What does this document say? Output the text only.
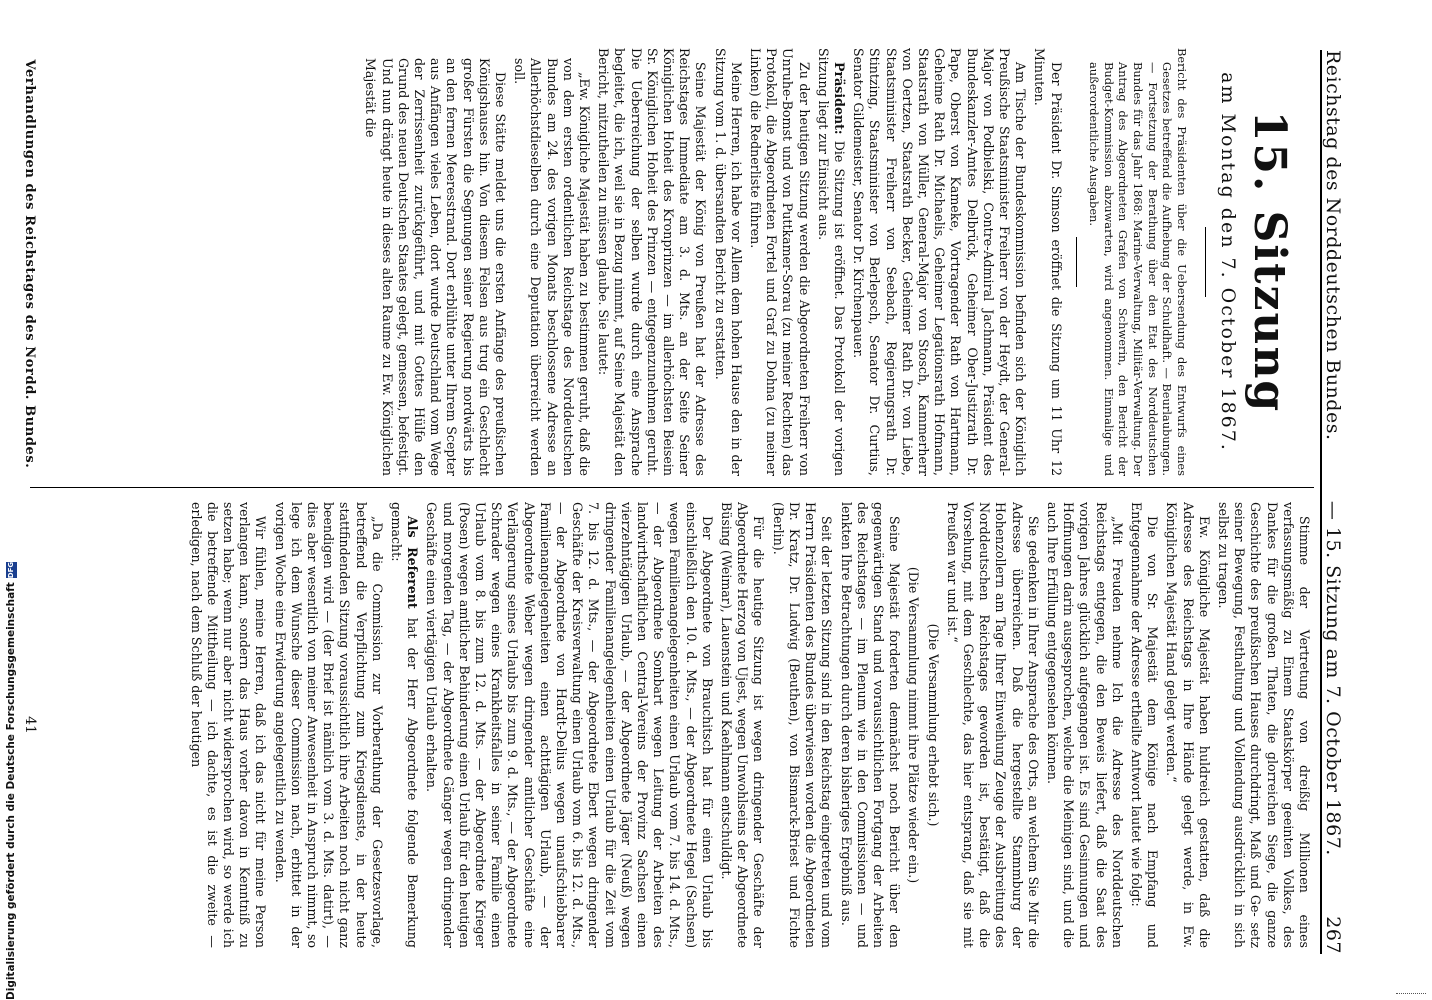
Reichstag des Norddeutschen Bundes.
— 15. Sitzung am 7. October 1867.
267
15. Sitzung
am Montag den 7. October 1867.

Bericht des Präsidenten über die Uebersendung des Entwurfs eines Gesetzes betreffend die Aufhebung der Schuldhaft. — Beurlaubungen. — Fortsetzung der Berathung über den Etat des Norddeutschen Bundes für das Jahr 1868: Marine-Verwaltung, Militär-Verwaltung. Der Antrag des Abgeordneten Grafen von Schwerin, den Bericht der Budget-Kommission abzuwarten, wird angenommen. Einmalige und außerordentliche Ausgaben.

Der Präsident Dr. Simson eröffnet die Sitzung um 11 Uhr 12 Minuten.

Am Tische der Bundeskommission befinden sich der Königlich Preußische Staatsminister Freiherr von der Heydt, der General-Major von Podbielski, Contre-Admiral Jachmann, Präsident des Bundeskanzler-Amtes Delbrück, Geheimer Ober-Justizrath Dr. Pape, Oberst von Kameke, Vortragender Rath von Hartmann, Geheime Rath Dr. Michaelis, Geheimer Legationsrath Hofmann, Staatsrath von Müller, General-Major von Stosch, Kammerherr von Oertzen, Staatsrath Becker, Geheimer Rath Dr. von Liebe, Staatsminister Freiherr von Seebach, Regierungsrath Dr. Stintzing, Staatsminister von Berlepsch, Senator Dr. Curtius, Senator Gildemeister, Senator Dr. Kirchenpauer.

Präsident: Die Sitzung ist eröffnet. Das Protokoll der vorigen Sitzung liegt zur Einsicht aus.

Zu der heutigen Sitzung werden die Abgeordneten Freiherr von Unruhe-Bomst und von Puttkamer-Sorau (zu meiner Rechten) das Protokoll, die Abgeordneten Fortel und Graf zu Dohna (zu meiner Linken) die Rednerliste führen.

Meine Herren, ich habe vor Allem dem hohen Hause den in der Sitzung vom 1. d. übersandten Bericht zu erstatten.

Seine Majestät der König von Preußen hat der Adresse des Reichstages Immediate am 3. d. Mts. an der Seite Seiner Königlichen Hoheit des Kronprinzen — im allerhöchsten Beisein Sr. Königlichen Hoheit des Prinzen — entgegenzunehmen geruht. Die Ueberreichung der selben wurde durch eine Ansprache begleitet, die ich, weil sie in Bezug nimmt, auf Seine Majestät den Bericht, mitzutheilen zu müssen glaube. Sie lautet:

„Ew. Königliche Majestät haben zu bestimmen geruht, daß die von dem ersten ordentlichen Reichstage des Norddeutschen Bundes am 24. des vorigen Monats beschlossene Adresse an Allerhöchstdieselben durch eine Deputation überreicht werden soll.

Diese Stätte meldet uns die ersten Anfänge des preußischen Königshauses hin. Von diesem Felsen aus trug ein Geschlecht großer Fürsten die Segnungen seiner Regierung nordwärts bis an den fernen Meeresstrand. Dort erblühte unter Ihrem Scepter aus Anfängen vieles Leben, dort wurde Deutschland vom Wege der Zerrissenheit zurückgeführt, und mit Gottes Hülfe den Grund des neuen Deutschen Staates gelegt, gemessen, befestigt. Und nun drängt heute in dieses alten Raume zu Ew. Königlichen Majestät die

Stimme der Vertretung von dreißig Millionen eines verfassungsmäßig zu Einem Staatskörper geeinten Volkes, des Dankes für die großen Thaten, die glorreichen Siege, die ganze Geschichte des preußischen Hauses durchdringt, Maß und Ge- setz seiner Bewegung, Festhaltung und Vollendung ausdrücklich in sich selbst zu tragen.

Ew. Königliche Majestät haben huldreich gestatten, daß die Adresse des Reichstags in Ihre Hände gelegt werde, in Ew. Königlichen Majestät Hand gelegt werden.“

Die von Sr. Majestät dem Könige nach Empfang und Entgegennahme der Adresse ertheilte Antwort lautet wie folgt:

„Mit Freuden nehme Ich die Adresse des Norddeutschen Reichstags entgegen, die den Beweis liefert, daß die Saat des vorigen Jahres glücklich aufgegangen ist. Es sind Gesinnungen und Hoffnungen darin ausgesprochen, welche die Meinigen sind, und die auch Ihre Erfüllung entgegensehen können.

Sie gedenken in Ihrer Ansprache des Orts, an welchem Sie Mir die Adresse überreichen. Daß die hergestellte Stammburg der Hohenzollern am Tage Ihrer Einweihung Zeuge der Ausbreitung des Norddeutschen Reichstages geworden ist, bestätigt, daß die Vorsehung, mit dem Geschlechte, das hier entsprang, daß sie mit Preußen war und ist.“

(Die Versammlung erhebt sich.)

(Die Versammlung nimmt ihre Plätze wieder ein.)

Seine Majestät forderten demnächst noch Bericht über den gegenwärtigen Stand und voraussichtlichen Fortgang der Arbeiten des Reichstages — im Plenum wie in den Commissionen — und lenkten Ihre Betrachtungen durch deren bisheriges Ergebniß aus.

Seit der letzten Sitzung sind in den Reichstag eingetreten und vom Herrn Präsidenten des Bundes überwiesen worden die Abgeordneten Dr. Kratz, Dr. Ludwig (Beuthen), von Bismarck-Briest und Fichte (Berlin).

Für die heutige Sitzung ist wegen dringender Geschäfte der Abgeordnete Herzog von Ujest, wegen Unwohlseins der Abgeordnete Büsing (Weimar), Lauenstein und Kaehlmann entschuldigt.

Der Abgeordnete von Brauchitsch hat für einen Urlaub bis einschließlich den 10. d. Mts., — der Abgeordnete Hegel (Sachsen) wegen Familienangelegenheiten einen Urlaub vom 7. bis 14. d. Mts., — der Abgeordnete Sombart wegen Leitung der Arbeiten des landwirthschaftlichen Central-Vereins der Provinz Sachsen einen vierzehntägigen Urlaub, — der Abgeordnete Jäger (Neuß) wegen dringender Familienangelegenheiten einen Urlaub für die Zeit vom 7. bis 12. d. Mts., — der Abgeordnete Ebert wegen dringender Geschäfte der Kreisverwaltung einen Urlaub vom 6. bis 12. d. Mts., — der Abgeordnete von Hardt-Delius wegen unaufschiebbarer Familienangelegenheiten einen achttägigen Urlaub, — der Abgeordnete Weber wegen dringender amtlicher Geschäfte eine Verlängerung seines Urlaubs bis zum 9. d. Mts., — der Abgeordnete Schrader wegen eines Krankheitsfalles in seiner Familie einen Urlaub vom 8. bis zum 12. d. Mts. — der Abgeordnete Krieger (Posen) wegen amtlicher Behinderung einen Urlaub für den heutigen und morgenden Tag, — der Abgeordnete Gänger wegen dringender Geschäfte einen viertägigen Urlaub erhalten.

Als Referent hat der Herr Abgeordnete folgende Bemerkung gemacht:

„Da die Commission zur Vorberathung der Gesetzesvorlage, betreffend die Verpflichtung zum Kriegsdienste, in der heute stattfindenden Sitzung voraussichtlich ihre Arbeiten noch nicht ganz beendigen wird — (der Brief ist nämlich vom 3. d. Mts. datirt), — dies aber wesentlich von meiner Anwesenheit in Anspruch nimmt, so lege ich dem Wunsche dieser Commission nach, erbittet in der vorigen Woche eine Erwiderung angelegentlich zu wenden.

Wir fühlen, meine Herren, daß ich das nicht für meine Person verlangen kann, sondern das Haus vorher davon in Kenntniß zu setzen habe; wenn nur aber nicht widersprochen wird, so werde ich die betreffende Mittheilung — ich dachte, es ist die zweite — erledigen, nach dem Schluß der heutigen

Verhandlungen des Reichstages des Nordd. Bundes.
41
Digitalisierung gefördert durch die Deutsche Forschungsgemeinschaft
DFG
